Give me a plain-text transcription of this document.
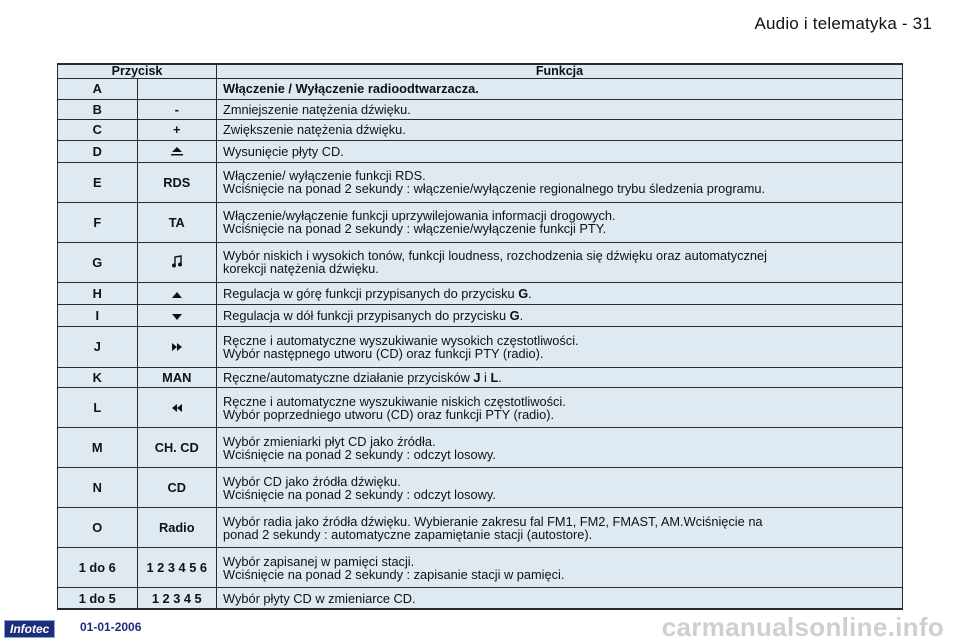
Audio i telematyka - 31
Przycisk		Funkcja
A		Włączenie / Wyłączenie radioodtwarzacza.

B	-	Zmniejszenie natężenia dźwięku.

C	+	Zwiększenie natężenia dźwięku.

D		Wysunięcie płyty CD.

E	RDS	Włączenie/ wyłączenie funkcji RDS.
Wciśnięcie na ponad 2 sekundy : włączenie/wyłączenie regionalnego trybu śledzenia programu.

F	TA	Włączenie/wyłączenie funkcji uprzywilejowania informacji drogowych.
Wciśnięcie na ponad 2 sekundy : włączenie/wyłączenie funkcji PTY.

G		Wybór niskich i wysokich tonów, funkcji loudness, rozchodzenia się dźwięku oraz automatycznej
korekcji natężenia dźwięku.

H		Regulacja w górę funkcji przypisanych do przycisku G.

I		Regulacja w dół funkcji przypisanych do przycisku G.

J		Ręczne i automatyczne wyszukiwanie wysokich częstotliwości.
Wybór następnego utworu (CD) oraz funkcji PTY (radio).

K	MAN	Ręczne/automatyczne działanie przycisków J i L.

L		Ręczne i automatyczne wyszukiwanie niskich częstotliwości.
Wybór poprzedniego utworu (CD) oraz funkcji PTY (radio).

M	CH. CD	Wybór zmieniarki płyt CD jako źródła.
Wciśnięcie na ponad 2 sekundy : odczyt losowy.

N	CD	Wybór CD jako źródła dźwięku.
Wciśnięcie na ponad 2 sekundy : odczyt losowy.

O	Radio	Wybór radia jako źródła dźwięku. Wybieranie zakresu fal FM1, FM2, FMAST, AM.Wciśnięcie na
ponad 2 sekundy : automatyczne zapamiętanie stacji (autostore).

1 do 6	1 2 3 4 5 6	Wybór zapisanej w pamięci stacji.
Wciśnięcie na ponad 2 sekundy : zapisanie stacji w pamięci.

1 do 5	1 2 3 4 5	Wybór płyty CD w zmieniarce CD.
Infotec	01-01-2006	carmanualsonline.info
